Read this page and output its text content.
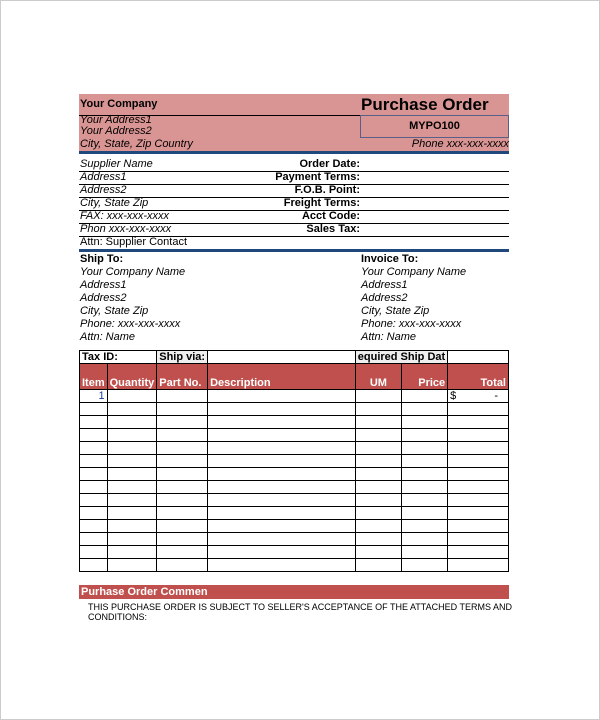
Your Company
Your Address1
Your Address2
City, State, Zip Country
Purchase Order
MYPO100
Phone xxx-xxx-xxxx
Supplier Name	Order Date:
Address1	Payment Terms:
Address2	F.O.B. Point:
City, State Zip	Freight Terms:
FAX: xxx-xxx-xxxx	Acct Code:
Phon xxx-xxx-xxxx	Sales Tax:
Attn: Supplier Contact
Ship To:	Invoice To:
Your Company Name	Your Company Name
Address1	Address1
Address2	Address2
City, State Zip	City, State Zip
Phone: xxx-xxx-xxxx	Phone: xxx-xxx-xxxx
Attn: Name	Attn: Name
Tax ID:		Ship via:		equired Ship Dat		
Item	Quantity	Part No.	Description	UM	Price	Total
1						$ -

Purhase Order Commen
THIS PURCHASE ORDER IS SUBJECT TO SELLER'S ACCEPTANCE OF THE ATTACHED TERMS AND
CONDITIONS:
